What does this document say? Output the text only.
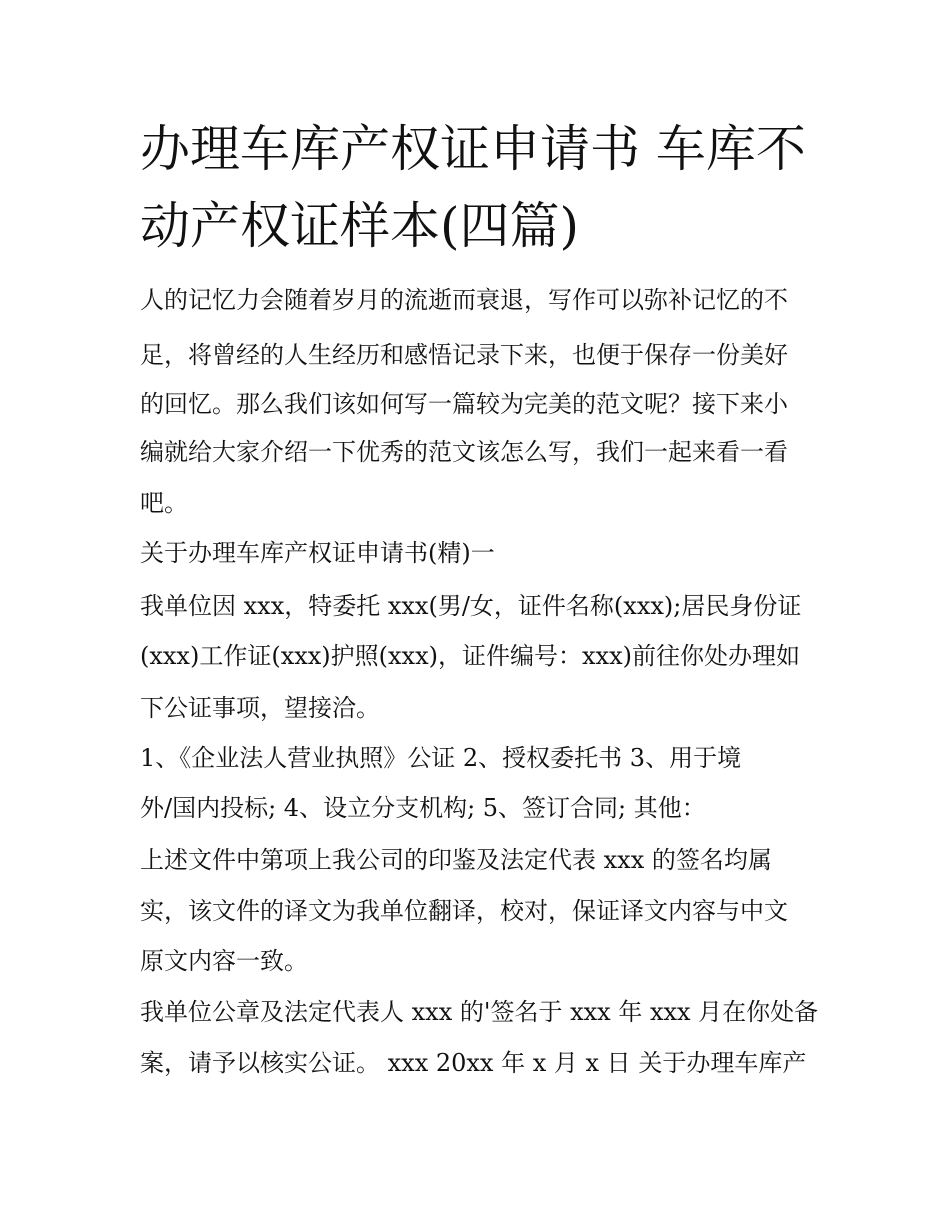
办理车库产权证申请书 车库不
动产权证样本(四篇)

人的记忆力会随着岁月的流逝而衰退，写作可以弥补记忆的不

足，将曾经的人生经历和感悟记录下来，也便于保存一份美好

的回忆。那么我们该如何写一篇较为完美的范文呢？接下来小

编就给大家介绍一下优秀的范文该怎么写，我们一起来看一看

吧。

关于办理车库产权证申请书(精)一

我单位因 xxx，特委托 xxx(男/女，证件名称(xxx);居民身份证

(xxx)工作证(xxx)护照(xxx)，证件编号：xxx)前往你处办理如

下公证事项，望接洽。

1、《企业法人营业执照》公证 2、授权委托书 3、用于境

外/国内投标; 4、设立分支机构; 5、签订合同; 其他：

上述文件中第项上我公司的印鉴及法定代表 xxx 的签名均属

实，该文件的译文为我单位翻译，校对，保证译文内容与中文

原文内容一致。

我单位公章及法定代表人 xxx 的'签名于 xxx 年 xxx 月在你处备

案，请予以核实公证。 xxx 20xx 年 x 月 x 日 关于办理车库产
